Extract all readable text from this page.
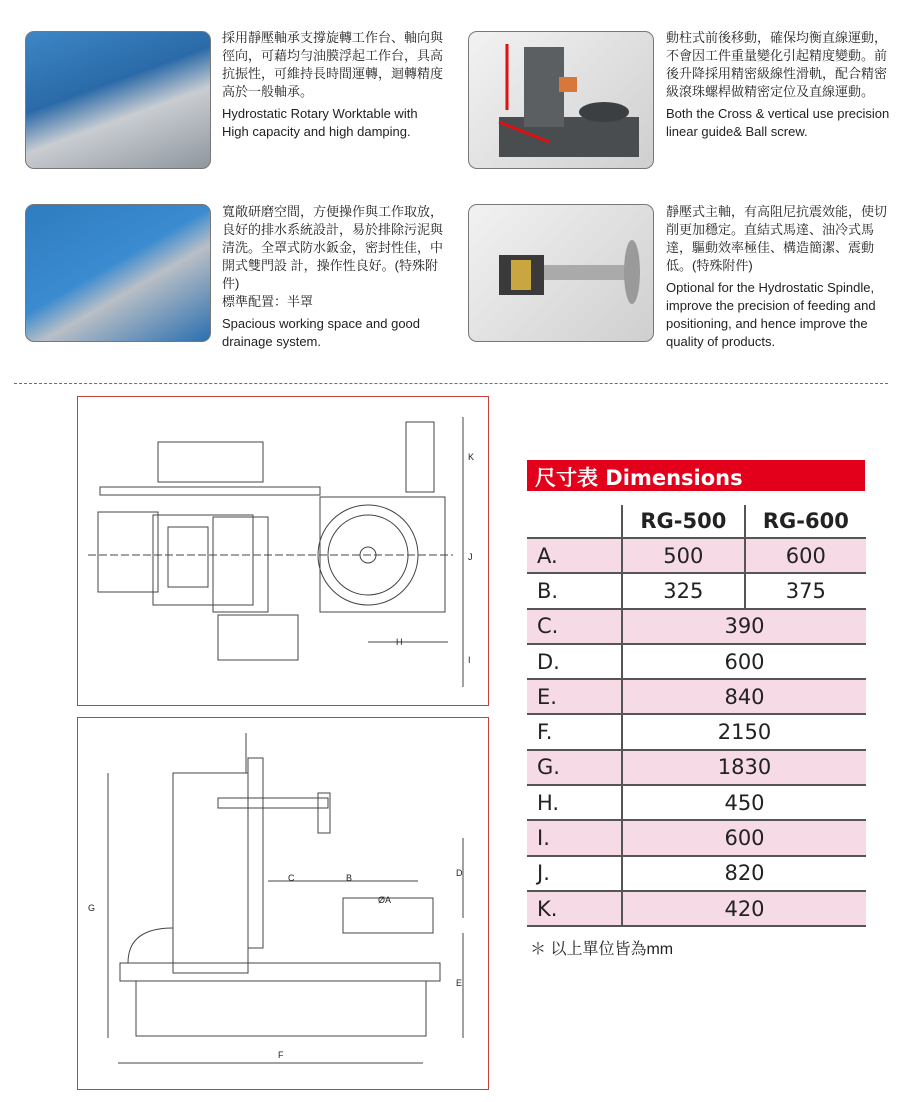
採用靜壓軸承支撐旋轉工作台、軸向與徑向，可藉均勻油膜浮起工作台，具高抗振性，可維持長時間運轉，迴轉精度高於一般軸承。
Hydrostatic Rotary Worktable with High capacity and high damping.
動柱式前後移動，確保均衡直線運動，不會因工件重量變化引起精度變動。前後升降採用精密級線性滑軌，配合精密級滾珠螺桿做精密定位及直線運動。
Both the Cross & vertical use precision linear guide& Ball screw.
寬敞研磨空間，方便操作與工作取放，良好的排水系統設計，易於排除污泥與清洗。全罩式防水鈑金，密封性佳，中開式雙門設 計，操作性良好。(特殊附件)
標準配置：半罩
Spacious working space and good drainage system.
靜壓式主軸，有高阻尼抗震效能，使切削更加穩定。直結式馬達、油冷式馬達，驅動效率極佳、構造簡潔、震動低。(特殊附件)
Optional for the Hydrostatic Spindle, improve the precision of feeding and positioning, and hence improve the quality of products.
H
I
J
K
ØA
B
C	D
E
F
G
尺寸表 Dimensions
	RG-500	RG-600
A.	500	600
B.	325	375
C.	390	
D.	600	
E.	840	
F.	2150	
G.	1830	
H.	450	
I.	600	
J.	820	
K.	420	
＊ 以上單位皆為mm
